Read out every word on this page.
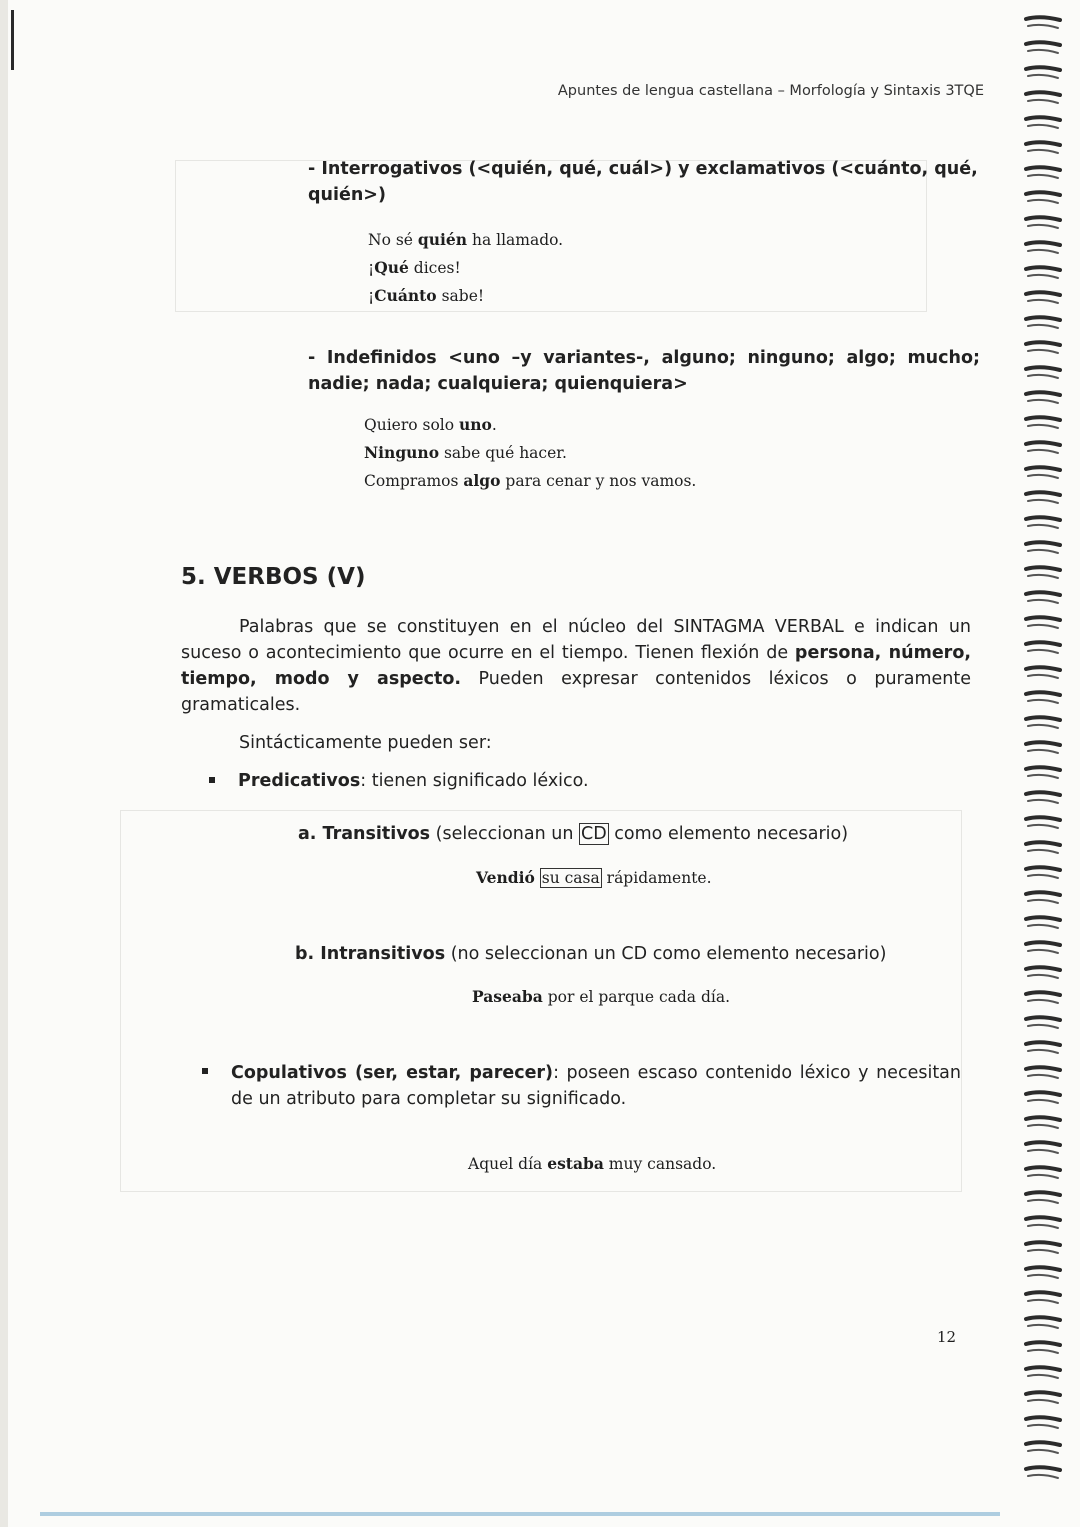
Apuntes de lengua castellana – Morfología y Sintaxis 3TQE
- Interrogativos (<quién, qué, cuál>) y exclamativos (<cuánto, qué, quién>)
No sé quién ha llamado.
¡Qué dices!
¡Cuánto sabe!
- Indefinidos <uno –y variantes-, alguno; ninguno; algo; mucho; nadie; nada; cualquiera; quienquiera>
Quiero solo uno.
Ninguno sabe qué hacer.
Compramos algo para cenar y nos vamos.
5. VERBOS (V)
Palabras que se constituyen en el núcleo del SINTAGMA VERBAL e indican un suceso o acontecimiento que ocurre en el tiempo. Tienen flexión de persona, número, tiempo, modo y aspecto. Pueden expresar contenidos léxicos o puramente gramaticales.
Sintácticamente pueden ser:
Predicativos: tienen significado léxico.
a. Transitivos (seleccionan un CD como elemento necesario)
Vendió su casa rápidamente.
b. Intransitivos (no seleccionan un CD como elemento necesario)
Paseaba por el parque cada día.
Copulativos (ser, estar, parecer): poseen escaso contenido léxico y necesitan de un atributo para completar su significado.
Aquel día estaba muy cansado.
12
